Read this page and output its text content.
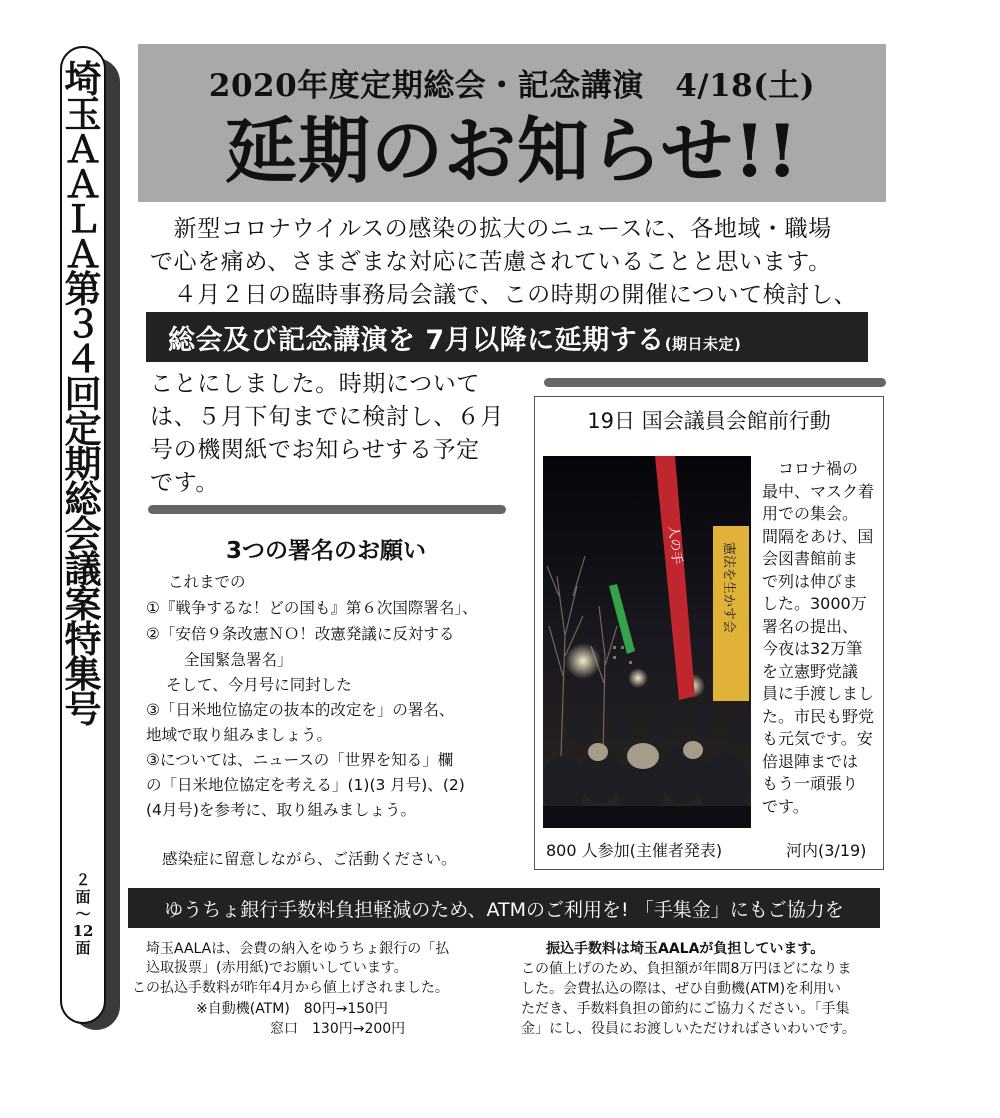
埼
玉
Ａ
Ａ
Ｌ
Ａ
第
３
４
回
定
期
総
会
議
案
特
集
号
２
面
～
12
面
2020年度定期総会・記念講演　4/18(土)
延期のお知らせ!!
　新型コロナウイルスの感染の拡大のニュースに、各地域・職場
で心を痛め、さまざまな対応に苦慮されていることと思います。
　４月２日の臨時事務局会議で、この時期の開催について検討し、
総会及び記念講演を 7月以降に延期する(期日未定)
ことにしました。時期について
は、５月下旬までに検討し、６月
号の機関紙でお知らせする予定
です。
3つの署名のお願い
これまでの
①『戦争するな！どの国も』第６次国際署名」、
②「安倍９条改憲ＮＯ！改憲発議に反対する
全国緊急署名」
そして、今月号に同封した
③「日米地位協定の抜本的改定を」の署名、
地域で取り組みましょう。
③については、ニュースの「世界を知る」欄
の「日米地位協定を考える」(1)(3 月号)、(2)
(4月号)を参考に、取り組みましょう。
感染症に留意しながら、ご活動ください。
19日 国会議員会館前行動
人の手	憲法を生かす会
　コロナ禍の
最中、マスク着
用での集会。
間隔をあけ、国
会図書館前ま
で列は伸びま
した。3000万
署名の提出、
今夜は32万筆
を立憲野党議
員に手渡しまし
た。市民も野党
も元気です。安
倍退陣までは
もう一頑張り
です。
800 人参加(主催者発表)	河内(3/19)
ゆうちょ銀行手数料負担軽減のため、ATMのご利用を! 「手集金」にもご協力を
埼玉AALAは、会費の納入をゆうちょ銀行の「払
込取扱票」(赤用紙)でお願いしています。
この払込手数料が昨年4月から値上げされました。
※自動機(ATM)　80円→150円
窓口　130円→200円
振込手数料は埼玉AALAが負担しています。
この値上げのため、負担額が年間8万円ほどになりま
した。会費払込の際は、ぜひ自動機(ATM)を利用い
ただき、手数料負担の節約にご協力ください。「手集
金」にし、役員にお渡しいただければさいわいです。
